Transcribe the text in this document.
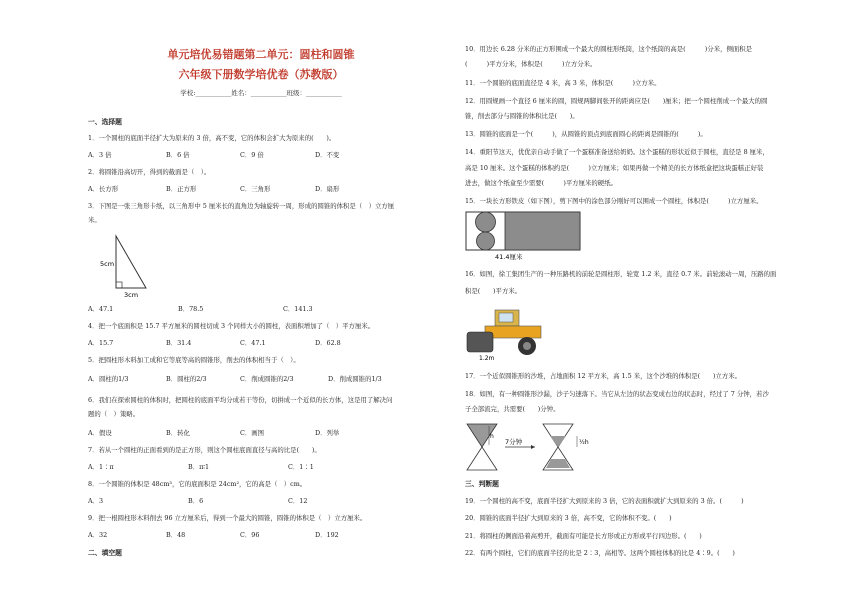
单元培优易错题第二单元：圆柱和圆锥
六年级下册数学培优卷（苏教版）
学校:___________姓名：___________班级：___________
一、选择题
1．一个圆柱的底面半径扩大为原来的 3 倍，高不变，它的体积会扩大为原来的(　　)。
A．3 倍	B．6 倍	C．9 倍	D．不变
2．将圆锥沿高切开，得到的截面是（　）。
A．长方形	B．正方形	C．三角形	D．扇形
3．下图是一张三角形卡纸，以三角形中 5 厘米长的直角边为轴旋转一周，形成的圆锥的体积是（　）立方厘
米。
5cm
3cm
A．47.1	B．78.5	C．141.3
4．把一个底面积是 15.7 平方厘米的圆柱切成 3 个同样大小的圆柱，表面积增加了（　）平方厘米。
A．15.7	B．31.4	C．47.1	D．62.8
5．把圆柱形木料加工成和它等底等高的圆锥形，削去的体积相当于（　）。
A．圆柱的1/3	B．圆柱的2/3	C．削成圆锥的2/3	D．削成圆锥的1/3
6．我们在探索圆柱的体积时，把圆柱的底面平均分成若干等份，切拼成一个近似的长方体，这是用了解决问
题的（　）策略。
A．假设	B．转化	C．画图	D．列举
7．若从一个圆柱的正面看到的是正方形，则这个圆柱底面直径与高的比是(　　)。
A．1∶π	B．π∶1	C．1∶1
8．一个圆锥的体积是 48cm³，它的底面积是 24cm²，它的高是（　）cm。
A．3	B．6	C．12
9．把一根圆柱形木料削去 96 立方厘米后，得到一个最大的圆锥，圆锥的体积是（　）立方厘米。
A．32	B．48	C．96	D．192
二、填空题
10．用边长 6.28 分米的正方形围成一个最大的圆柱形纸筒，这个纸筒的高是(　　　)分米，侧面积是
(　　　)平方分米，体积是(　　　)立方分米。
11．一个圆锥的底面直径是 4 米，高 3 米，体积是(　　　)立方米。
12．用圆规画一个直径 6 厘米的圆，圆规两脚间张开的距离应是(　　)厘米；把一个圆柱削成一个最大的圆
锥，削去部分与圆锥的体积比是(　　)。
13．圆锥的底面是一个(　　　)，从圆锥的顶点到底面圆心的距离是圆锥的(　　　)。
14．重阳节这天，优优亲自动手做了一个蛋糕准备送给奶奶。这个蛋糕的形状近似于圆柱，直径是 8 厘米，
高是 10 厘米。这个蛋糕的体积约是(　　　)立方厘米；如果再做一个精美的长方体纸盒把这块蛋糕正好装
进去，做这个纸盒至少需要(　　　)平方厘米的硬纸。
15．一块长方形铁皮（如下图），剪下图中的涂色部分刚好可以围成一个圆柱，体积是(　　　)立方厘米。
41.4厘米
16．如图，徐工集团生产的一种压路机的前轮是圆柱形，轮宽 1.2 米，直径 0.7 米。前轮滚动一周，压路的面
积是(　　)平方米。
1.2m
17．一个近似圆锥形的沙堆，占地面积 12 平方米，高 1.5 米，这个沙堆的体积是(　　)立方米。
18．如图，有一种圆锥形沙漏，沙子匀速落下。当它从左边的状态变成右边的状态时，经过了 7 分钟，若沙
子全部流完，共需要(　　)分钟。
h
7分钟	½h
三、判断题
19．一个圆柱的高不变，底面半径扩大到原来的 3 倍，它的表面积就扩大到原来的 3 倍。(　　　)
20．圆锥的底面半径扩大到原来的 3 倍，高不变，它的体积不变。(　　)
21．将圆柱的侧面沿着高剪开，截面有可能是长方形或正方形或平行四边形。(　　)
22．有两个圆柱，它们的底面半径的比是 2∶3，高相等。这两个圆柱体积的比是 4∶9。(　　)
